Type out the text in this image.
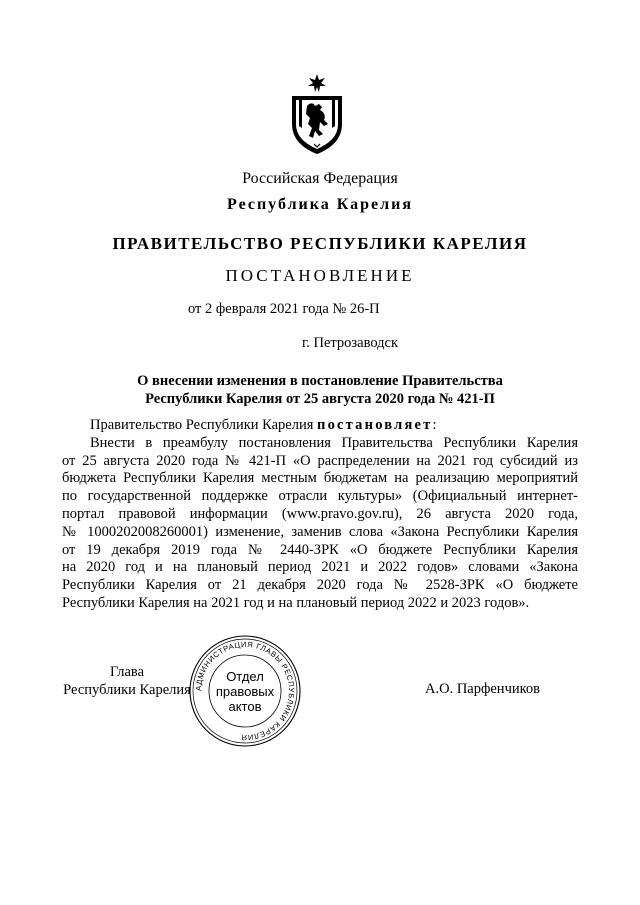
Российская Федерация
Республика Карелия
ПРАВИТЕЛЬСТВО РЕСПУБЛИКИ КАРЕЛИЯ
ПОСТАНОВЛЕНИЕ
от 2 февраля 2021 года № 26-П
г. Петрозаводск
О внесении изменения в постановление Правительства
Республики Карелия от 25 августа 2020 года № 421-П
Правительство Республики Карелия постановляет:
Внести в преамбулу постановления Правительства Республики Карелия
от 25 августа 2020 года № 421-П «О распределении на 2021 год субсидий из
бюджета Республики Карелия местным бюджетам на реализацию мероприятий
по государственной поддержке отрасли культуры» (Официальный интернет-
портал правовой информации (www.pravo.gov.ru), 26 августа 2020 года,
№ 1000202008260001) изменение, заменив слова «Закона Республики Карелия
от 19 декабря 2019 года № 2440-ЗРК «О бюджете Республики Карелия
на 2020 год и на плановый период 2021 и 2022 годов» словами «Закона
Республики Карелия от 21 декабря 2020 года № 2528-ЗРК «О бюджете
Республики Карелия на 2021 год и на плановый период 2022 и 2023 годов».
Глава
Республики Карелия	А.О. Парфенчиков
АДМИНИСТРАЦИЯ ГЛАВЫ РЕСПУБЛИКИ КАРЕЛИЯ
Отдел
правовых
актов
